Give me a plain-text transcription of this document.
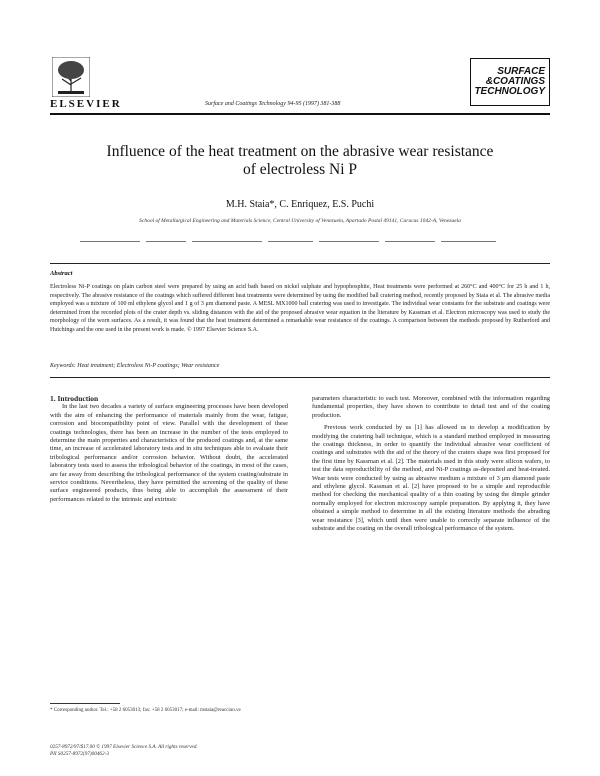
ELSEVIER	Surface and Coatings Technology 94-95 (1997) 381-388
SURFACE
&COATINGS
TECHNOLOGY
Influence of the heat treatment on the abrasive wear resistance
of electroless Ni P
M.H. Staia*, C. Enriquez, E.S. Puchi
School of Metallurgical Engineering and Materials Science, Central University of Venezuela, Apartado Postal 49141, Caracas 1042-A, Venezuela
Abstract
Electroless Ni-P coatings on plain carbon steel were prepared by using an acid bath based on nickel sulphate and hypophosphite, Heat treatments were performed at 260°C and 400°C for 25 h and 1 h, respectively. The abrasive resistance of the coatings which suffered different heat treatments were determined by using the modified ball cratering method, recently proposed by Staia et al. The abrasive media employed was a mixture of 100 ml ethylene glycol and 1 g of 3 μm diamond paste. A MESL MX1000 ball cratering was used to investigate. The individual wear constants for the substrate and coatings were determined from the recorded plots of the crater depth vs. sliding distances with the aid of the proposed abrasive wear equation in the literature by Kassman et al. Electron microscopy was used to study the morphology of the worn surfaces. As a result, it was found that the heat treatment determined a remarkable wear resistance of the coatings. A comparison between the methods proposed by Rutherford and Hutchings and the one used in the present work is made. © 1997 Elsevier Science S.A.
Keywords: Heat treatment; Electroless Ni-P coatings; Wear resistance

1. Introduction

In the last two decades a variety of surface engineering processes have been developed with the aim of enhancing the performance of materials mainly from the wear, fatigue, corrosion and biocompatibility point of view. Parallel with the development of these coatings technologies, there has been an increase in the number of the tests employed to determine the main properties and characteristics of the produced coatings and, at the same time, an increase of accelerated laboratory tests and in situ techniques able to evaluate their tribological performance and/or corrosion behavior. Without doubt, the accelerated laboratory tests used to assess the tribological behavior of the coatings, in most of the cases, are far away from describing the tribological performance of the system coating/substrate in service conditions. Nevertheless, they have permitted the screening of the quality of these surface engineered products, thus being able to accomplish the assessment of their performances related to the intrinsic and extrinsic

parameters characteristic to each test. Moreover, combined with the information regarding fundamental properties, they have shown to contribute to detail test and of the coating production.

Previous work conducted by us [1] has allowed us to develop a modification by modifying the cratering ball technique, which is a standard method employed in measuring the coatings thickness, in order to quantify the individual abrasive wear coefficient of coatings and substrates with the aid of the theory of the craters shape was first proposed for the first time by Kassman et al. [2]. The materials used in this study were silicon wafers, to test the data reproducibility of the method, and Ni-P coatings as-deposited and heat-treated. Wear tests were conducted by using as abrasive medium a mixture of 3 μm diamond paste and ethylene glycol. Kassman et al. [2] have proposed to be a simple and reproducible method for checking the mechanical quality of a thin coating by using the dimple grinder normally employed for electron microscopy sample preparation. By applying it, they have obtained a simple method to determine in all the existing literature methods the abrading wear resistance [3], which until then were unable to correctly separate influence of the substrate and the coating on the overall tribological performance of the system.

* Corresponding author. Tel.: +58 2 6053013; fax: +58 2 6053017; e-mail: mstaia@reacciun.ve
0257-8972/97/$17.00 © 1997 Elsevier Science S.A. All rights reserved.
PII S0257-8972(97)00462-3
